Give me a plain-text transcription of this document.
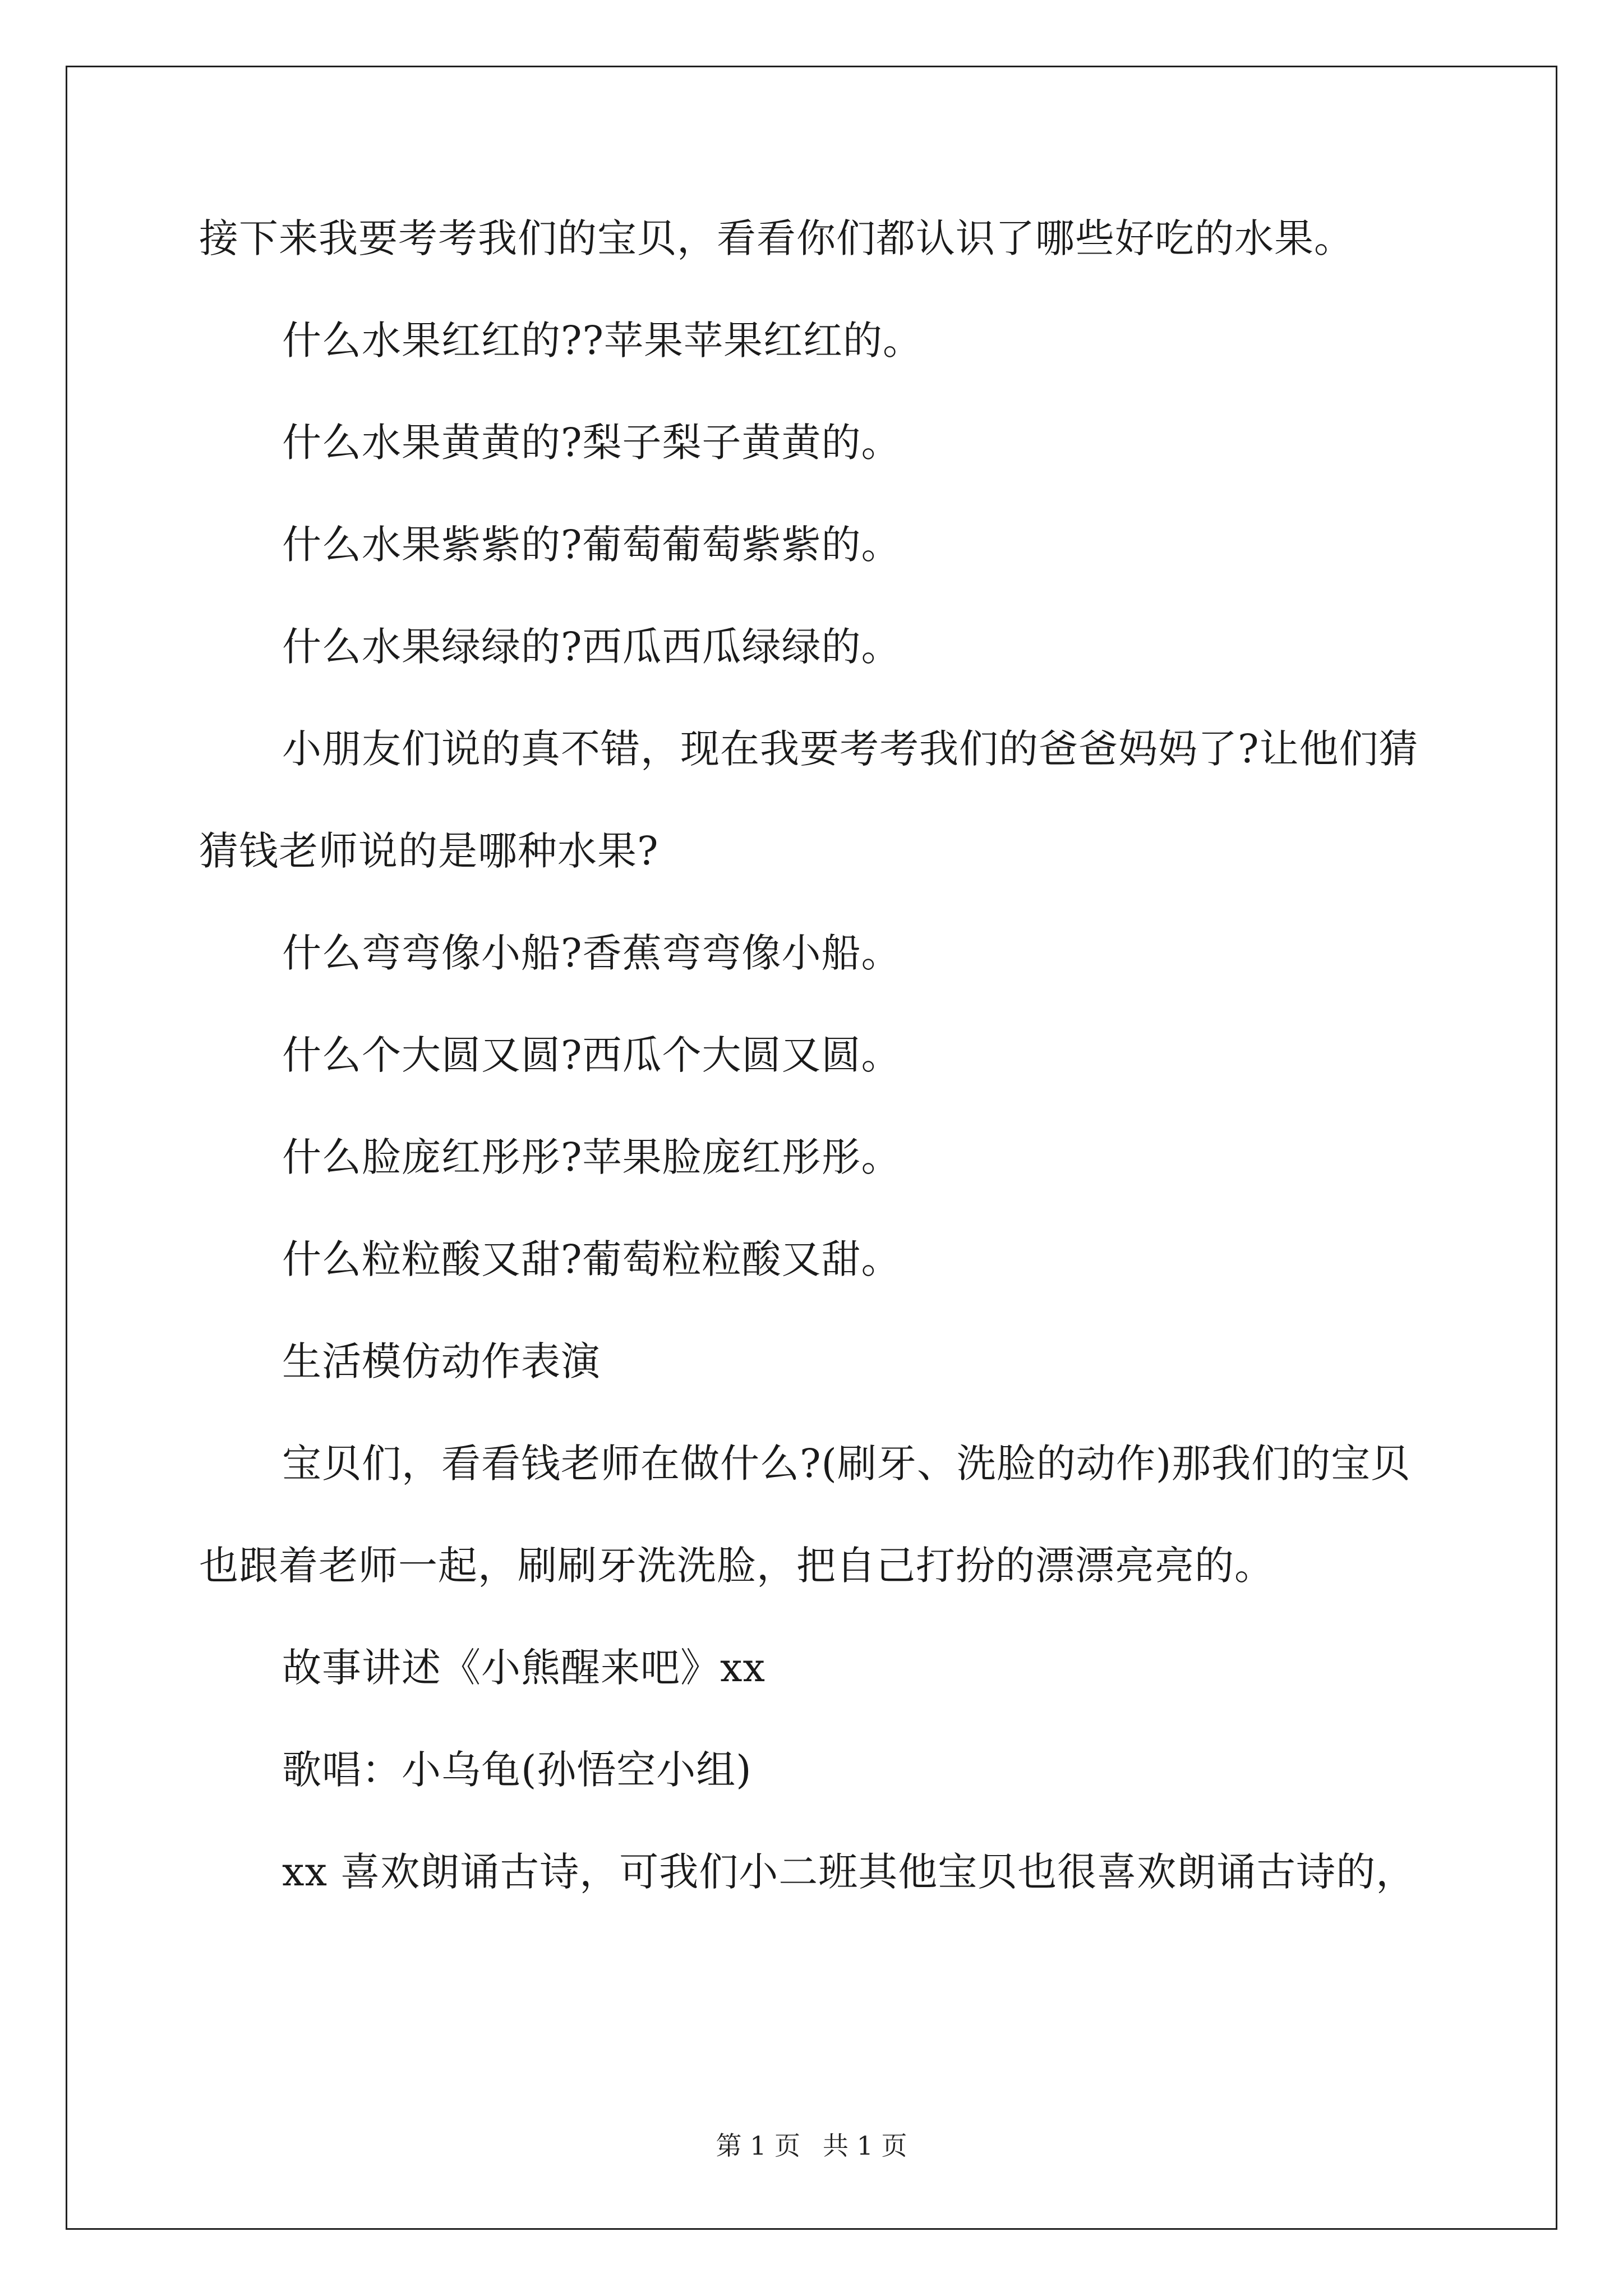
接下来我要考考我们的宝贝，看看你们都认识了哪些好吃的水果。
什么水果红红的??苹果苹果红红的。
什么水果黄黄的?梨子梨子黄黄的。
什么水果紫紫的?葡萄葡萄紫紫的。
什么水果绿绿的?西瓜西瓜绿绿的。
小朋友们说的真不错，现在我要考考我们的爸爸妈妈了?让他们猜
猜钱老师说的是哪种水果?
什么弯弯像小船?香蕉弯弯像小船。
什么个大圆又圆?西瓜个大圆又圆。
什么脸庞红彤彤?苹果脸庞红彤彤。
什么粒粒酸又甜?葡萄粒粒酸又甜。
生活模仿动作表演
宝贝们，看看钱老师在做什么?(刷牙、洗脸的动作)那我们的宝贝
也跟着老师一起，刷刷牙洗洗脸，把自己打扮的漂漂亮亮的。
故事讲述《小熊醒来吧》xx
歌唱：小乌龟(孙悟空小组)
xx 喜欢朗诵古诗，可我们小二班其他宝贝也很喜欢朗诵古诗的，
第 1 页 共 1 页
